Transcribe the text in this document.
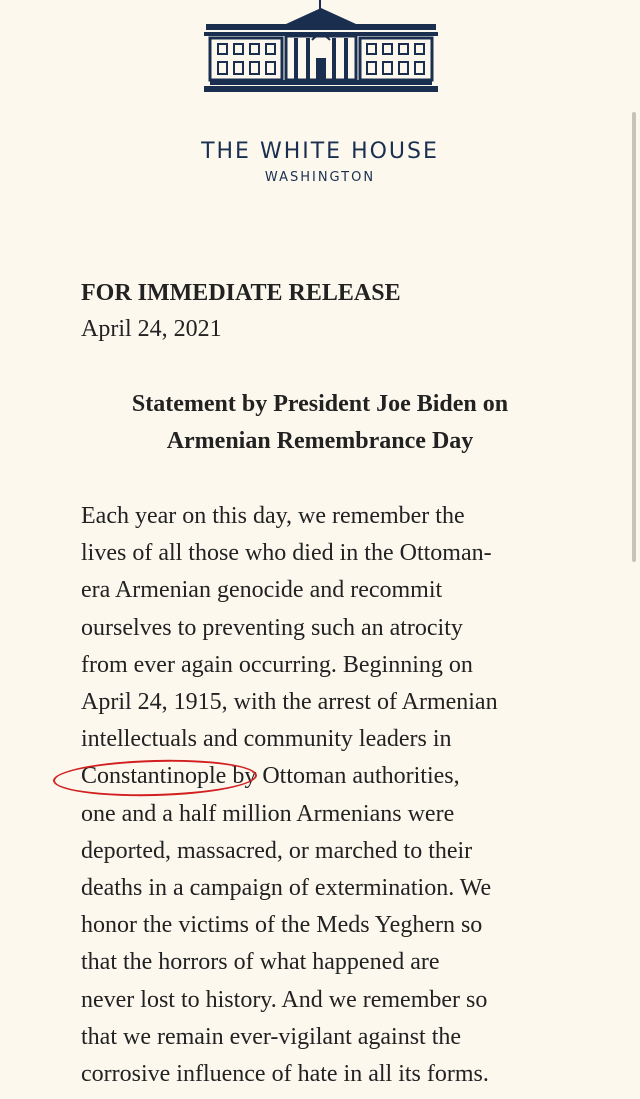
THE WHITE HOUSE
WASHINGTON
FOR IMMEDIATE RELEASE
April 24, 2021
Statement by President Joe Biden on
Armenian Remembrance Day
Each year on this day, we remember the
lives of all those who died in the Ottoman-
era Armenian genocide and recommit
ourselves to preventing such an atrocity
from ever again occurring. Beginning on
April 24, 1915, with the arrest of Armenian
intellectuals and community leaders in
Constantinople
by Ottoman authorities,
one and a half million Armenians were
deported, massacred, or marched to their
deaths in a campaign of extermination. We
honor the victims of the Meds Yeghern so
that the horrors of what happened are
never lost to history. And we remember so
that we remain ever-vigilant against the
corrosive influence of hate in all its forms.
